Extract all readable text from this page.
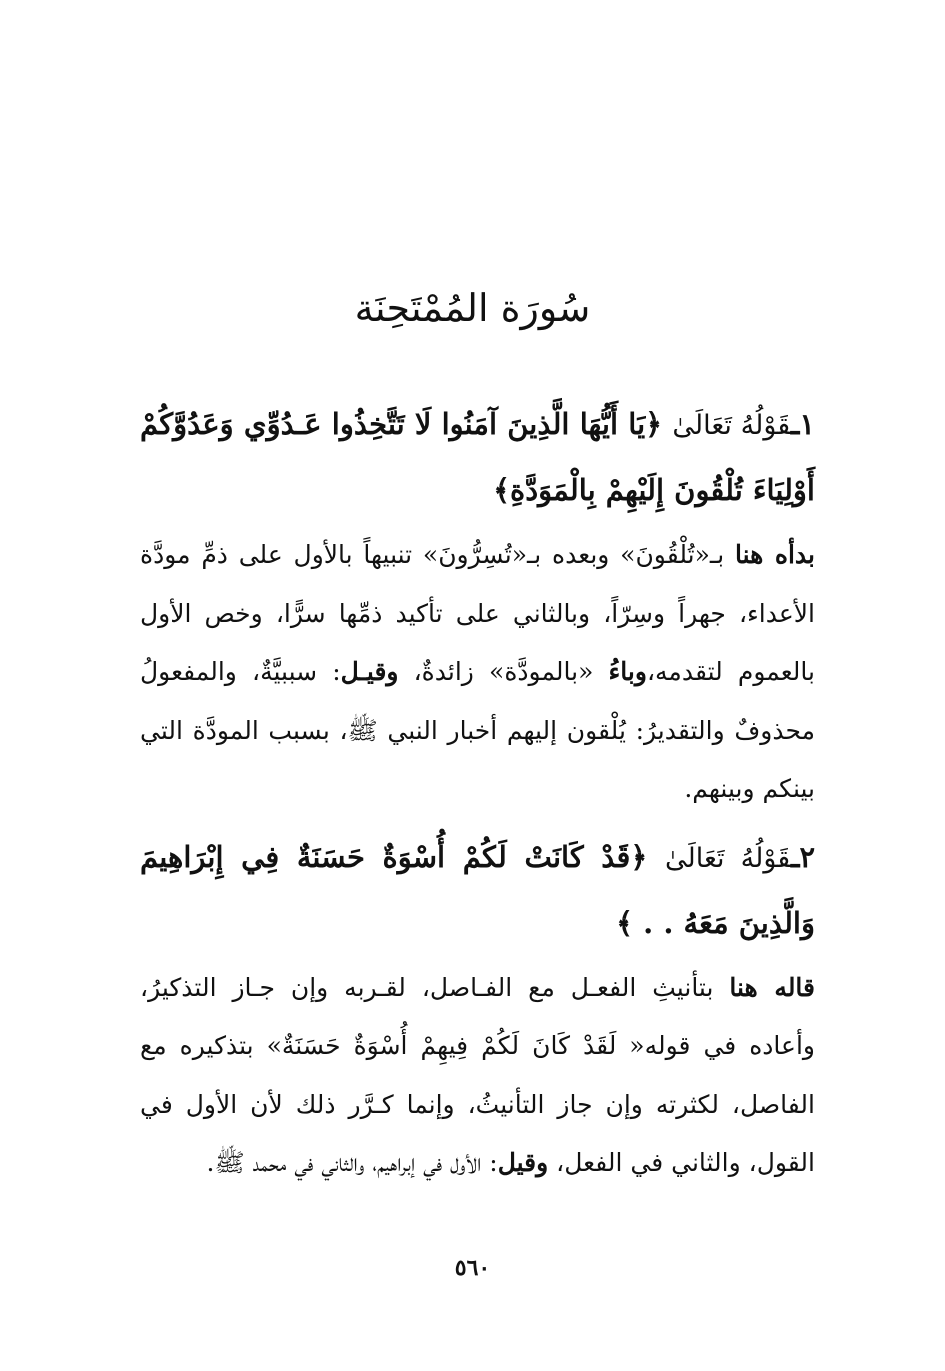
سُورَة المُمْتَحِنَة

١ـقَوْلُهُ تَعَالَىٰ ﴿يَا أَيُّهَا الَّذِينَ آمَنُوا لَا تَتَّخِذُوا عَـدُوِّي وَعَدُوَّكُمْ أَوْلِيَاءَ تُلْقُونَ إِلَيْهِمْ بِالْمَوَدَّةِ﴾

بدأه هنا بـ«تُلْقُونَ» وبعده بـ«تُسِرُّونَ» تنبيهاً بالأول على ذمِّ مودَّة الأعداء، جهراً وسِرّاً، وبالثاني على تأكيد ذمِّها سرًّا، وخص الأول بالعموم لتقدمه،وباءُ «بالمودَّة» زائدةٌ، وقيـل: سببيَّةٌ، والمفعولُ محذوفٌ والتقديرُ: يُلْقون إليهم أخبار النبي ﷺ، بسبب المودَّة التي بينكم وبينهم.

٢ـقَوْلُهُ تَعَالَىٰ ﴿قَدْ كَانَتْ لَكُمْ أُسْوَةٌ حَسَنَةٌ فِي إِبْرَاهِيمَ وَالَّذِينَ مَعَهُ . . ﴾

قاله هنا بتأنيثِ الفعـل مع الفـاصل، لقـربه وإن جـاز التذكيرُ، وأعاده في قوله« لَقَدْ كَانَ لَكُمْ فِيهِمْ أُسْوَةٌ حَسَنَةٌ» بتذكيره مع الفاصل، لكثرته وإن جاز التأنيثُ، وإنما كـرَّر ذلك لأن الأول في القول، والثاني في الفعل، وقيل: الأول في إبراهيم، والثاني في محمد ﷺ.

٥٦٠
